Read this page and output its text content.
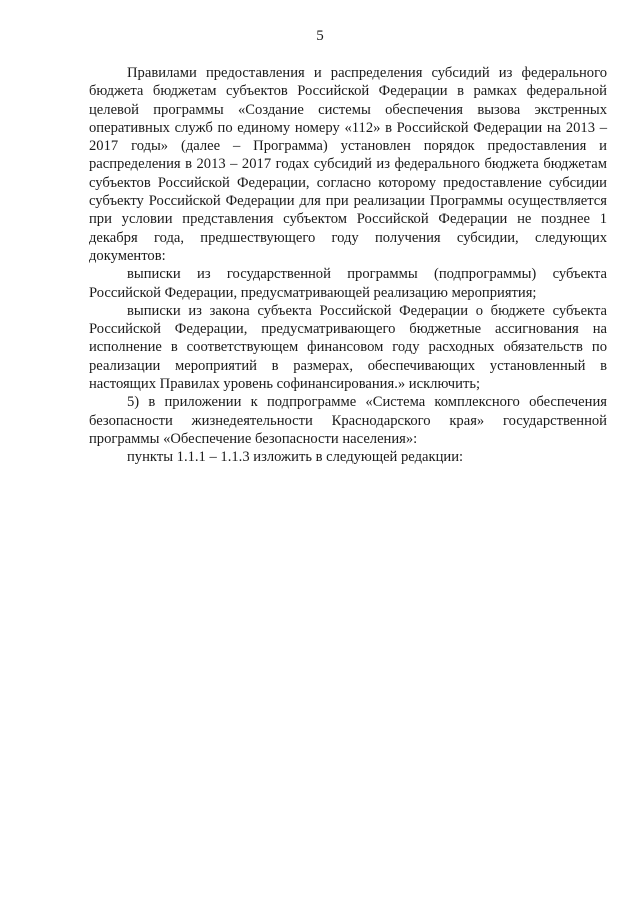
5

Правилами предоставления и распределения субсидий из федерального бюджета бюджетам субъектов Российской Федерации в рамках федеральной целевой программы «Создание системы обеспечения вызова экстренных оперативных служб по единому номеру «112» в Российской Федерации на 2013 – 2017 годы» (далее – Программа) установлен порядок предоставления и распределения в 2013 – 2017 годах субсидий из федерального бюджета бюджетам субъектов Российской Федерации, согласно которому предоставление субсидии субъекту Российской Федерации для при реализации Программы осуществляется при условии представления субъектом Российской Федерации не позднее 1 декабря года, предшествующего году получения субсидии, следующих документов:

выписки из государственной программы (подпрограммы) субъекта Российской Федерации, предусматривающей реализацию мероприятия;

выписки из закона субъекта Российской Федерации о бюджете субъекта Российской Федерации, предусматривающего бюджетные ассигнования на исполнение в соответствующем финансовом году расходных обязательств по реализации мероприятий в размерах, обеспечивающих установленный в настоящих Правилах уровень софинансирования.» исключить;

5) в приложении к подпрограмме «Система комплексного обеспечения безопасности жизнедеятельности Краснодарского края» государственной программы «Обеспечение безопасности населения»:

пункты 1.1.1 – 1.1.3 изложить в следующей редакции:
